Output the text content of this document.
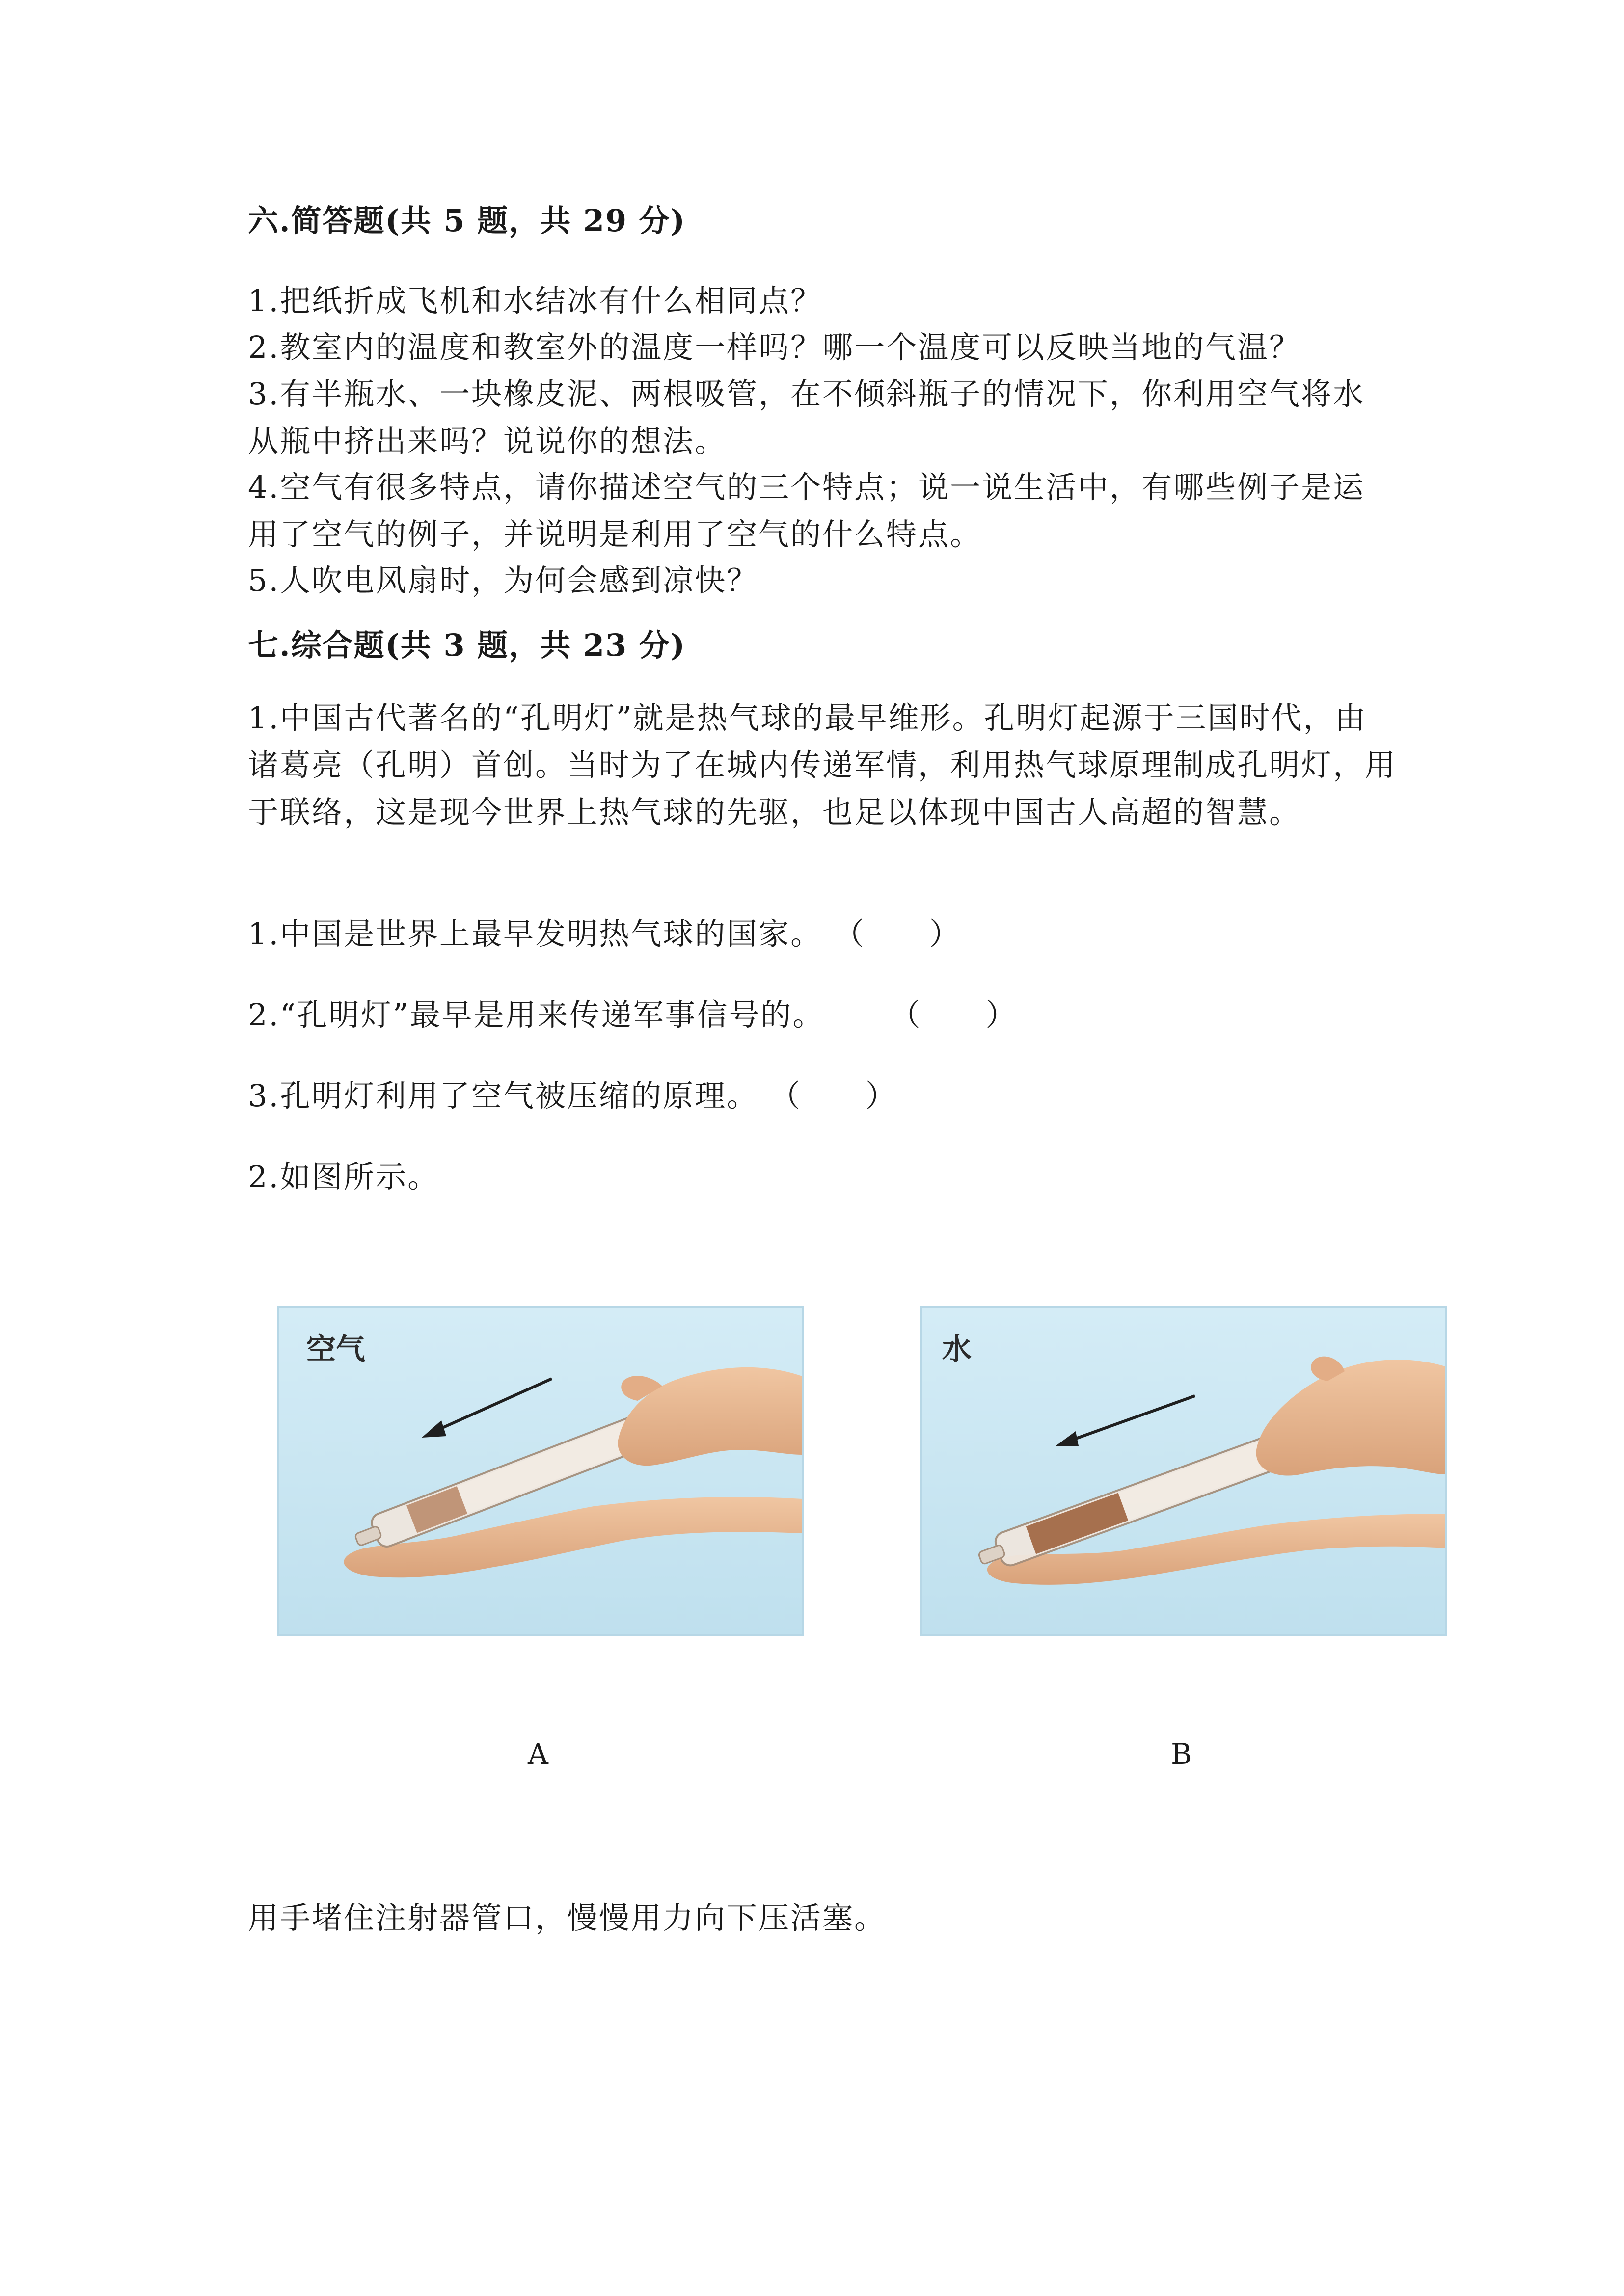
六.简答题(共 5 题，共 29 分)
1.把纸折成飞机和水结冰有什么相同点？
2.教室内的温度和教室外的温度一样吗？哪一个温度可以反映当地的气温？
3.有半瓶水、一块橡皮泥、两根吸管，在不倾斜瓶子的情况下，你利用空气将水从瓶中挤出来吗？说说你的想法。
4.空气有很多特点，请你描述空气的三个特点；说一说生活中，有哪些例子是运用了空气的例子，并说明是利用了空气的什么特点。
5.人吹电风扇时，为何会感到凉快？
七.综合题(共 3 题，共 23 分)
1.中国古代著名的“孔明灯”就是热气球的最早维形。孔明灯起源于三国时代，由诸葛亮（孔明）首创。当时为了在城内传递军情，利用热气球原理制成孔明灯，用于联络，这是现今世界上热气球的先驱，也足以体现中国古人高超的智慧。
1.中国是世界上最早发明热气球的国家。 （　　）
2.“孔明灯”最早是用来传递军事信号的。　　　（　　）
3.孔明灯利用了空气被压缩的原理。 （　　）
2.如图所示。
空气	水
A	B
用手堵住注射器管口，慢慢用力向下压活塞。
